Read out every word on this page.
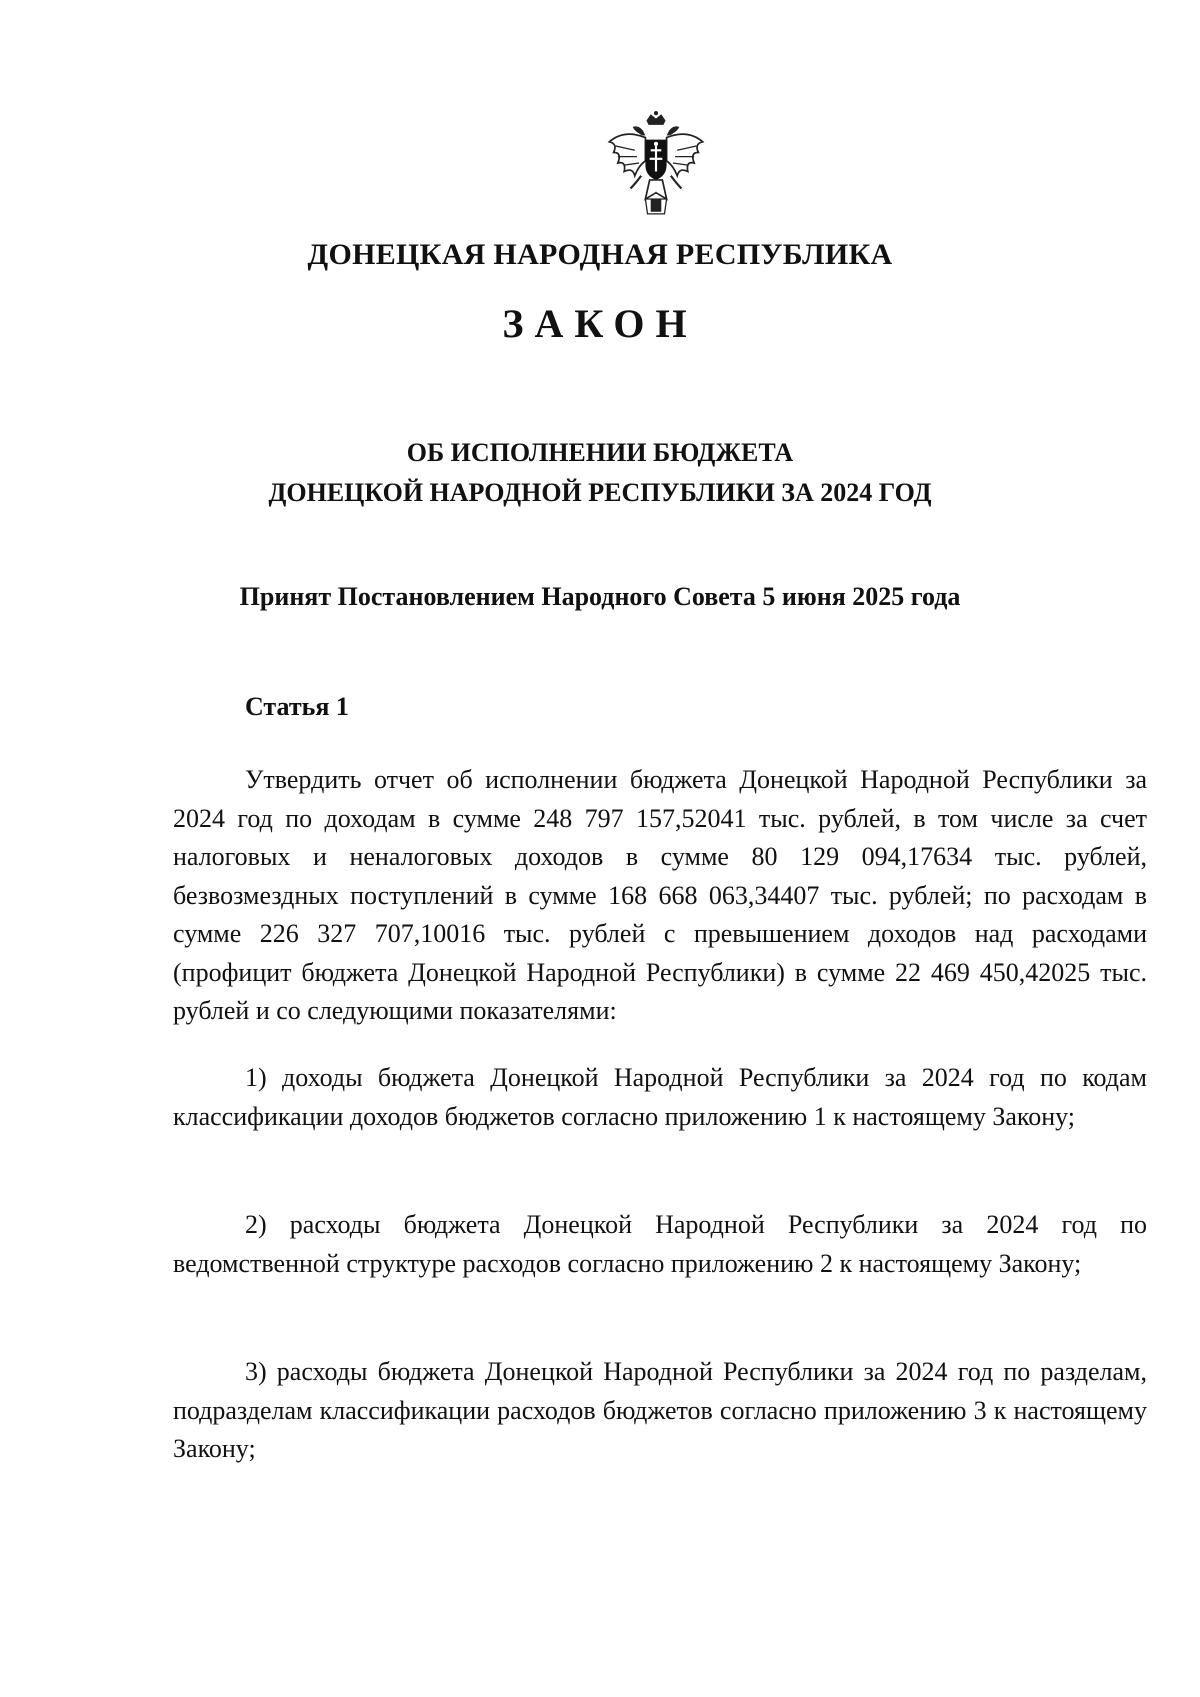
ДОНЕЦКАЯ НАРОДНАЯ РЕСПУБЛИКА
ЗАКОН
ОБ ИСПОЛНЕНИИ БЮДЖЕТА
ДОНЕЦКОЙ НАРОДНОЙ РЕСПУБЛИКИ ЗА 2024 ГОД

Принят Постановлением Народного Совета 5 июня 2025 года

Статья 1

Утвердить отчет об исполнении бюджета Донецкой Народной Республики за 2024 год по доходам в сумме 248 797 157,52041 тыс. рублей, в том числе за счет налоговых и неналоговых доходов в сумме 80 129 094,17634 тыс. рублей, безвозмездных поступлений в сумме 168 668 063,34407 тыс. рублей; по расходам в сумме 226 327 707,10016 тыс. рублей с превышением доходов над расходами (профицит бюджета Донецкой Народной Республики) в сумме 22 469 450,42025 тыс. рублей и со следующими показателями:

1) доходы бюджета Донецкой Народной Республики за 2024 год по кодам классификации доходов бюджетов согласно приложению 1 к настоящему Закону;

2) расходы бюджета Донецкой Народной Республики за 2024 год по ведомственной структуре расходов согласно приложению 2 к настоящему Закону;

3) расходы бюджета Донецкой Народной Республики за 2024 год по разделам, подразделам классификации расходов бюджетов согласно приложению 3 к настоящему Закону;
